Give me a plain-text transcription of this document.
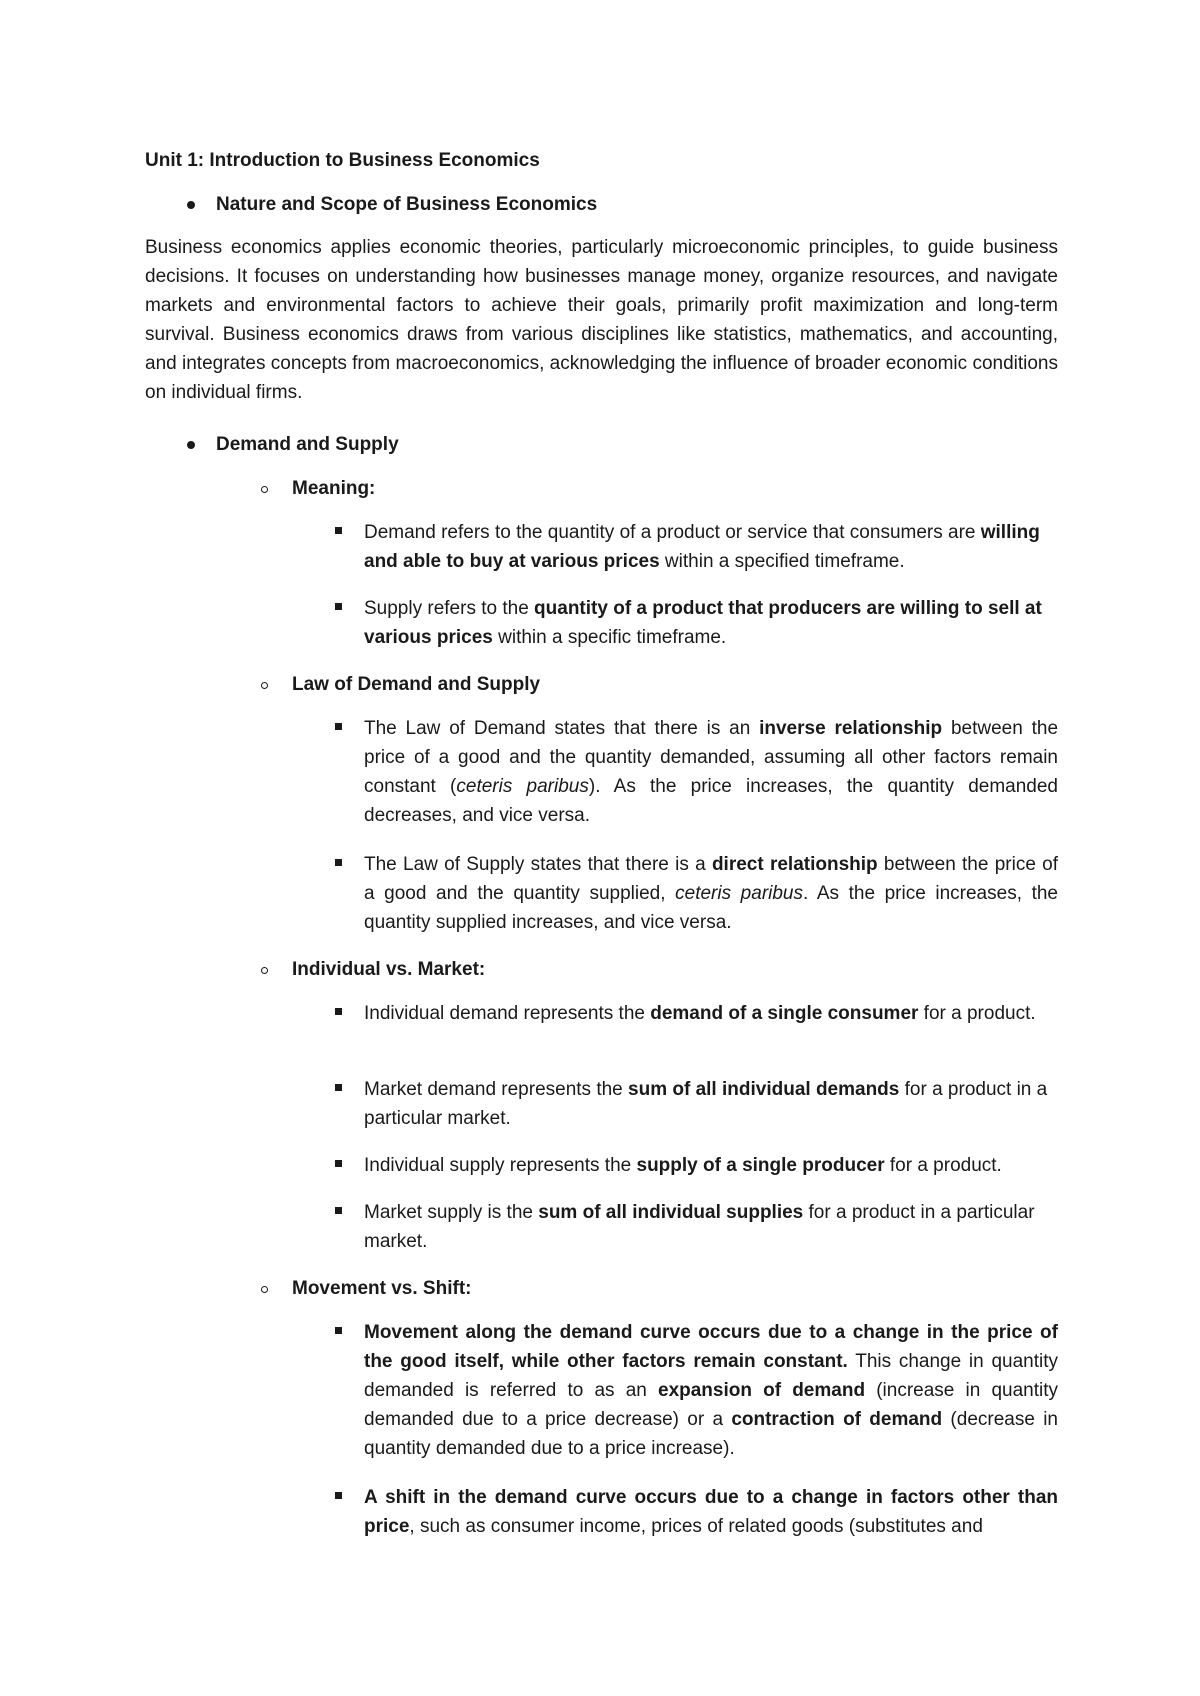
Unit 1: Introduction to Business Economics

Nature and Scope of Business Economics

Business economics applies economic theories, particularly microeconomic principles, to guide business decisions. It focuses on understanding how businesses manage money, organize resources, and navigate markets and environmental factors to achieve their goals, primarily profit maximization and long-term survival. Business economics draws from various disciplines like statistics, mathematics, and accounting, and integrates concepts from macroeconomics, acknowledging the influence of broader economic conditions on individual firms.

Demand and Supply

Meaning:

Demand refers to the quantity of a product or service that consumers are willing and able to buy at various prices within a specified timeframe.

Supply refers to the quantity of a product that producers are willing to sell at various prices within a specific timeframe.

Law of Demand and Supply

The Law of Demand states that there is an inverse relationship between the price of a good and the quantity demanded, assuming all other factors remain constant (ceteris paribus). As the price increases, the quantity demanded decreases, and vice versa.

The Law of Supply states that there is a direct relationship between the price of a good and the quantity supplied, ceteris paribus. As the price increases, the quantity supplied increases, and vice versa.

Individual vs. Market:

Individual demand represents the demand of a single consumer for a product.

Market demand represents the sum of all individual demands for a product in a particular market.

Individual supply represents the supply of a single producer for a product.

Market supply is the sum of all individual supplies for a product in a particular market.

Movement vs. Shift:

Movement along the demand curve occurs due to a change in the price of the good itself, while other factors remain constant. This change in quantity demanded is referred to as an expansion of demand (increase in quantity demanded due to a price decrease) or a contraction of demand (decrease in quantity demanded due to a price increase).

A shift in the demand curve occurs due to a change in factors other than price, such as consumer income, prices of related goods (substitutes and
